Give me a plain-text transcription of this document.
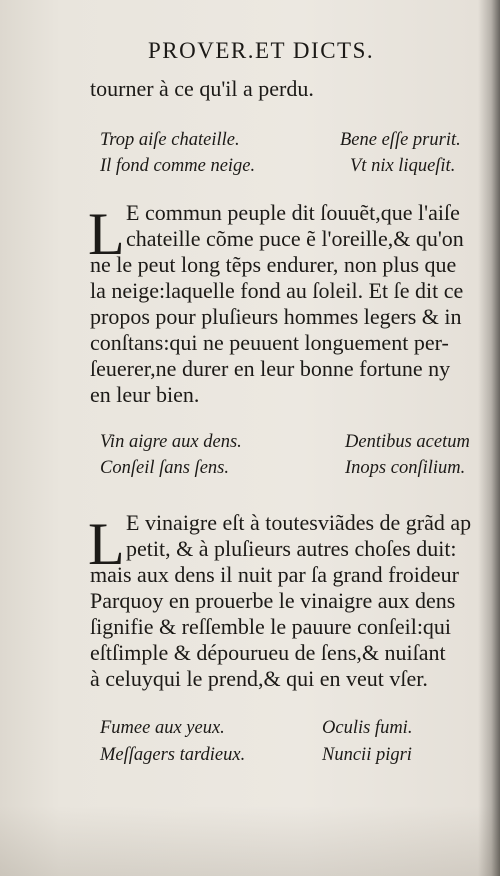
PROVER.ET DICTS.
tourner à ce qu'il a perdu.
Trop aiſe chateille.	Bene eſſe prurit.
Il fond comme neige.	Vt nix liqueſit.
L E commun peuple dit ſouuẽt,que l'aiſe
chateille cõme puce ẽ l'oreille,& qu'on
ne le peut long tẽps endurer, non plus que
la neige:laquelle fond au ſoleil. Et ſe dit ce
propos pour pluſieurs hommes legers & in
conſtans:qui ne peuuent longuement per-
ſeuerer,ne durer en leur bonne fortune ny
en leur bien.
Vin aigre aux dens.	Dentibus acetum
Conſeil ſans ſens.	Inops conſilium.
L E vinaigre eſt à toutesviãdes de grãd ap
petit, & à pluſieurs autres choſes duit:
mais aux dens il nuit par ſa grand froideur
Parquoy en prouerbe le vinaigre aux dens
ſignifie & reſſemble le pauure conſeil:qui
eſtſimple & dépourueu de ſens,& nuiſant
à celuyqui le prend,& qui en veut vſer.
Fumee aux yeux.	Oculis fumi.
Meſſagers tardieux.	Nuncii pigri
